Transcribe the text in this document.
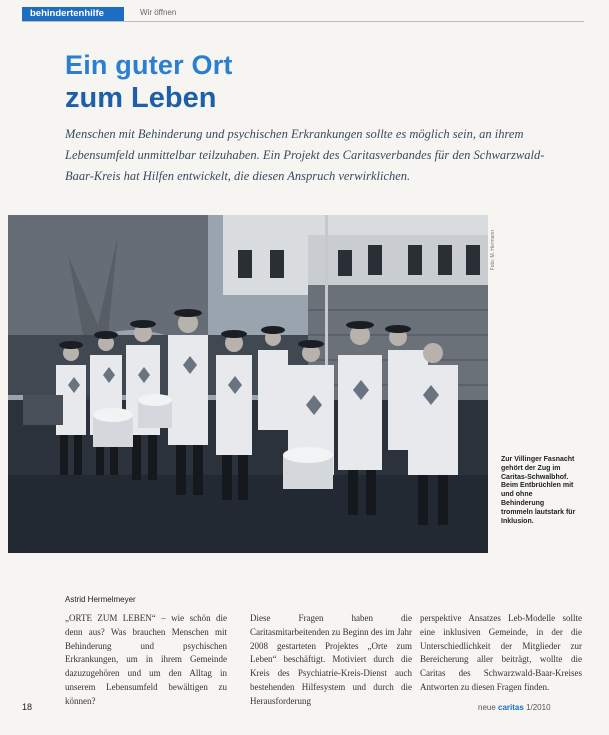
behindertenhilfe	Wir öffnen
Ein guter Ort
zum Leben
Menschen mit Behinderung und psychischen Erkrankungen sollte es möglich sein, an ihrem Lebensumfeld unmittelbar teilzuhaben. Ein Projekt des Caritasverbandes für den Schwarzwald-Baar-Kreis hat Hilfen entwickelt, die diesen Anspruch verwirklichen.
Foto: M. Hermann
Zur Villinger Fasnacht gehört der Zug im Caritas-Schwalbhof. Beim Entbrüchlen mit und ohne Behinderung trommeln lautstark für Inklusion.
Astrid Hermelmeyer
„ORTE ZUM LEBEN“ – wie schön die denn aus? Was brauchen Menschen mit Behinderung und psychischen Erkrankungen, um in ihrem Gemeinde dazuzugehören und um den Alltag in unserem Lebensumfeld bewältigen zu können?
Diese Fragen haben die Caritasmitarbeitenden zu Beginn des im Jahr 2008 gestarteten Projektes „Orte zum Leben“ beschäftigt. Motiviert durch die Kreis des Psychiatrie-Kreis-Dienst auch bestehenden Hilfesystem und durch die Herausforderung
perspektive Ansatzes Leb-Modelle sollte eine inklusiven Gemeinde, in der die Unterschiedlichkeit der Mitglieder zur Bereicherung aller beiträgt, wollte die Caritas des Schwarzwald-Baar-Kreises Antworten zu diesen Fragen finden.
18	neue caritas 1/2010
